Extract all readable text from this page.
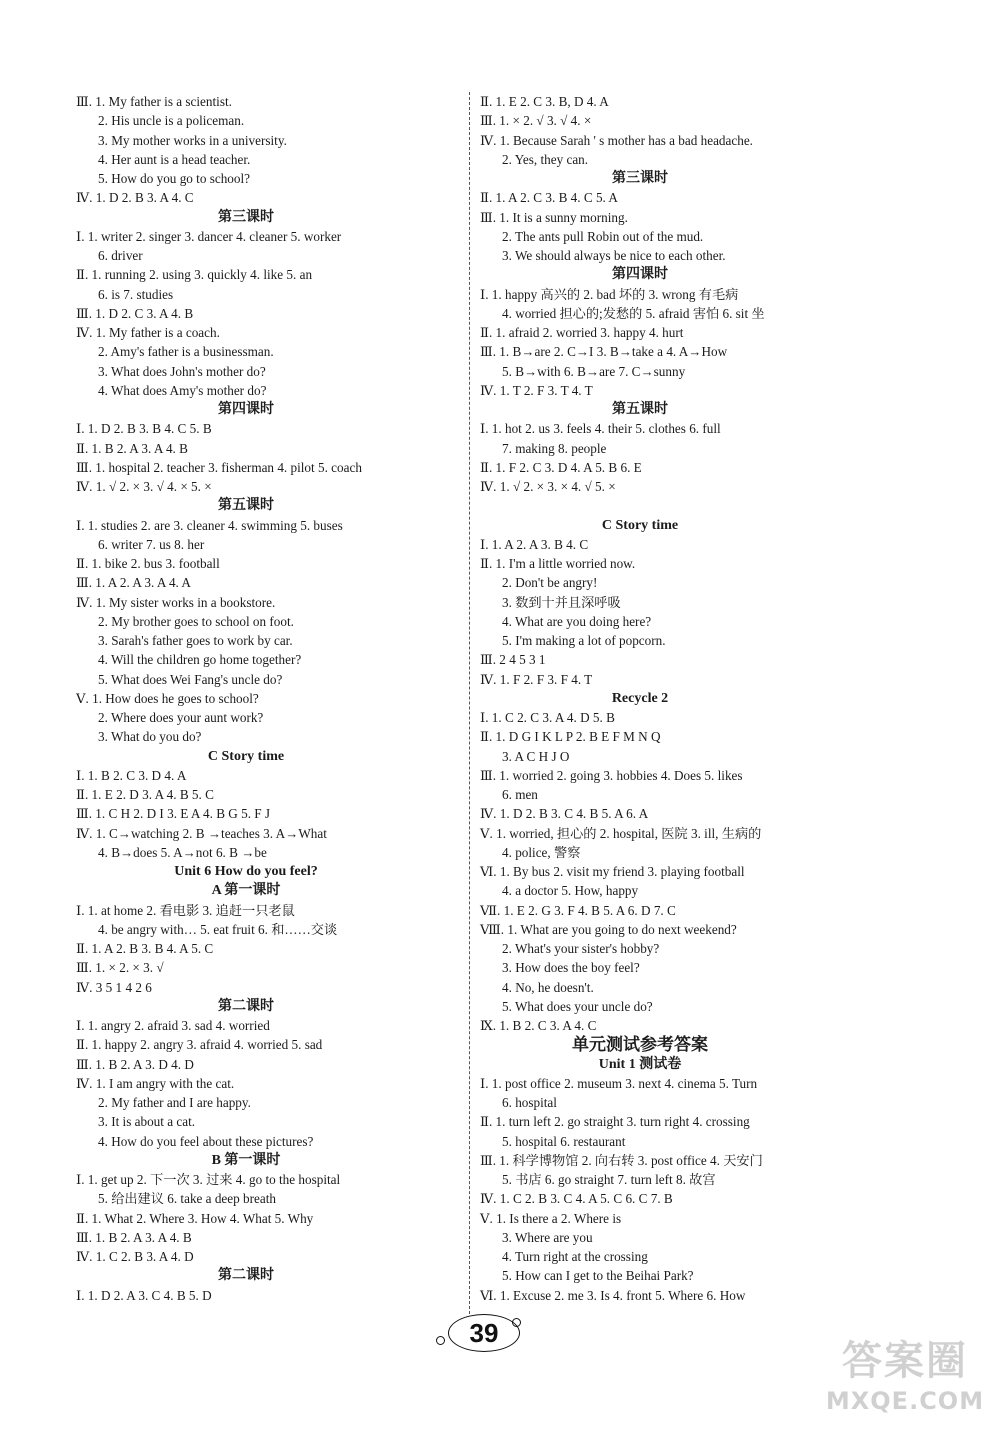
Ⅲ. 1. My father is a scientist.
2. His uncle is a policeman.
3. My mother works in a university.
4. Her aunt is a head teacher.
5. How do you go to school?
Ⅳ. 1. D 2. B 3. A 4. C
第三课时
Ⅰ. 1. writer 2. singer 3. dancer 4. cleaner 5. worker
6. driver
Ⅱ. 1. running 2. using 3. quickly 4. like 5. an
6. is 7. studies
Ⅲ. 1. D 2. C 3. A 4. B
Ⅳ. 1. My father is a coach.
2. Amy's father is a businessman.
3. What does John's mother do?
4. What does Amy's mother do?
第四课时
Ⅰ. 1. D 2. B 3. B 4. C 5. B
Ⅱ. 1. B 2. A 3. A 4. B
Ⅲ. 1. hospital 2. teacher 3. fisherman 4. pilot 5. coach
Ⅳ. 1. √ 2. × 3. √ 4. × 5. ×
第五课时
Ⅰ. 1. studies 2. are 3. cleaner 4. swimming 5. buses
6. writer 7. us 8. her
Ⅱ. 1. bike 2. bus 3. football
Ⅲ. 1. A 2. A 3. A 4. A
Ⅳ. 1. My sister works in a bookstore.
2. My brother goes to school on foot.
3. Sarah's father goes to work by car.
4. Will the children go home together?
5. What does Wei Fang's uncle do?
Ⅴ. 1. How does he goes to school?
2. Where does your aunt work?
3. What do you do?
C Story time
Ⅰ. 1. B 2. C 3. D 4. A
Ⅱ. 1. E 2. D 3. A 4. B 5. C
Ⅲ. 1. C H 2. D I 3. E A 4. B G 5. F J
Ⅳ. 1. C→watching 2. B →teaches 3. A→What
4. B→does 5. A→not 6. B →be
Unit 6 How do you feel?
A 第一课时
Ⅰ. 1. at home 2. 看电影 3. 追赶一只老鼠
4. be angry with… 5. eat fruit 6. 和……交谈
Ⅱ. 1. A 2. B 3. B 4. A 5. C
Ⅲ. 1. × 2. × 3. √
Ⅳ. 3 5 1 4 2 6
第二课时
Ⅰ. 1. angry 2. afraid 3. sad 4. worried
Ⅱ. 1. happy 2. angry 3. afraid 4. worried 5. sad
Ⅲ. 1. B 2. A 3. D 4. D
Ⅳ. 1. I am angry with the cat.
2. My father and I are happy.
3. It is about a cat.
4. How do you feel about these pictures?
B 第一课时
Ⅰ. 1. get up 2. 下一次 3. 过来 4. go to the hospital
5. 给出建议 6. take a deep breath
Ⅱ. 1. What 2. Where 3. How 4. What 5. Why
Ⅲ. 1. B 2. A 3. A 4. B
Ⅳ. 1. C 2. B 3. A 4. D
第二课时
Ⅰ. 1. D 2. A 3. C 4. B 5. D
Ⅱ. 1. E 2. C 3. B, D 4. A
Ⅲ. 1. × 2. √ 3. √ 4. ×
Ⅳ. 1. Because Sarah ' s mother has a bad headache.
2. Yes, they can.
第三课时
Ⅱ. 1. A 2. C 3. B 4. C 5. A
Ⅲ. 1. It is a sunny morning.
2. The ants pull Robin out of the mud.
3. We should always be nice to each other.
第四课时
Ⅰ. 1. happy 高兴的 2. bad 坏的 3. wrong 有毛病
4. worried 担心的;发愁的 5. afraid 害怕 6. sit 坐
Ⅱ. 1. afraid 2. worried 3. happy 4. hurt
Ⅲ. 1. B→are 2. C→I 3. B→take a 4. A→How
5. B→with 6. B→are 7. C→sunny
Ⅳ. 1. T 2. F 3. T 4. T
第五课时
Ⅰ. 1. hot 2. us 3. feels 4. their 5. clothes 6. full
7. making 8. people
Ⅱ. 1. F 2. C 3. D 4. A 5. B 6. E
Ⅳ. 1. √ 2. × 3. × 4. √ 5. ×
C Story time
Ⅰ. 1. A 2. A 3. B 4. C
Ⅱ. 1. I'm a little worried now.
2. Don't be angry!
3. 数到十并且深呼吸
4. What are you doing here?
5. I'm making a lot of popcorn.
Ⅲ. 2 4 5 3 1
Ⅳ. 1. F 2. F 3. F 4. T
Recycle 2
Ⅰ. 1. C 2. C 3. A 4. D 5. B
Ⅱ. 1. D G I K L P 2. B E F M N Q
3. A C H J O
Ⅲ. 1. worried 2. going 3. hobbies 4. Does 5. likes
6. men
Ⅳ. 1. D 2. B 3. C 4. B 5. A 6. A
Ⅴ. 1. worried, 担心的 2. hospital, 医院 3. ill, 生病的
4. police, 警察
Ⅵ. 1. By bus 2. visit my friend 3. playing football
4. a doctor 5. How, happy
Ⅶ. 1. E 2. G 3. F 4. B 5. A 6. D 7. C
Ⅷ. 1. What are you going to do next weekend?
2. What's your sister's hobby?
3. How does the boy feel?
4. No, he doesn't.
5. What does your uncle do?
Ⅸ. 1. B 2. C 3. A 4. C
单元测试参考答案
Unit 1 测试卷
Ⅰ. 1. post office 2. museum 3. next 4. cinema 5. Turn
6. hospital
Ⅱ. 1. turn left 2. go straight 3. turn right 4. crossing
5. hospital 6. restaurant
Ⅲ. 1. 科学博物馆 2. 向右转 3. post office 4. 天安门
5. 书店 6. go straight 7. turn left 8. 故宫
Ⅳ. 1. C 2. B 3. C 4. A 5. C 6. C 7. B
Ⅴ. 1. Is there a 2. Where is
3. Where are you
4. Turn right at the crossing
5. How can I get to the Beihai Park?
Ⅵ. 1. Excuse 2. me 3. Is 4. front 5. Where 6. How
39
答案圈
MXQE.COM
